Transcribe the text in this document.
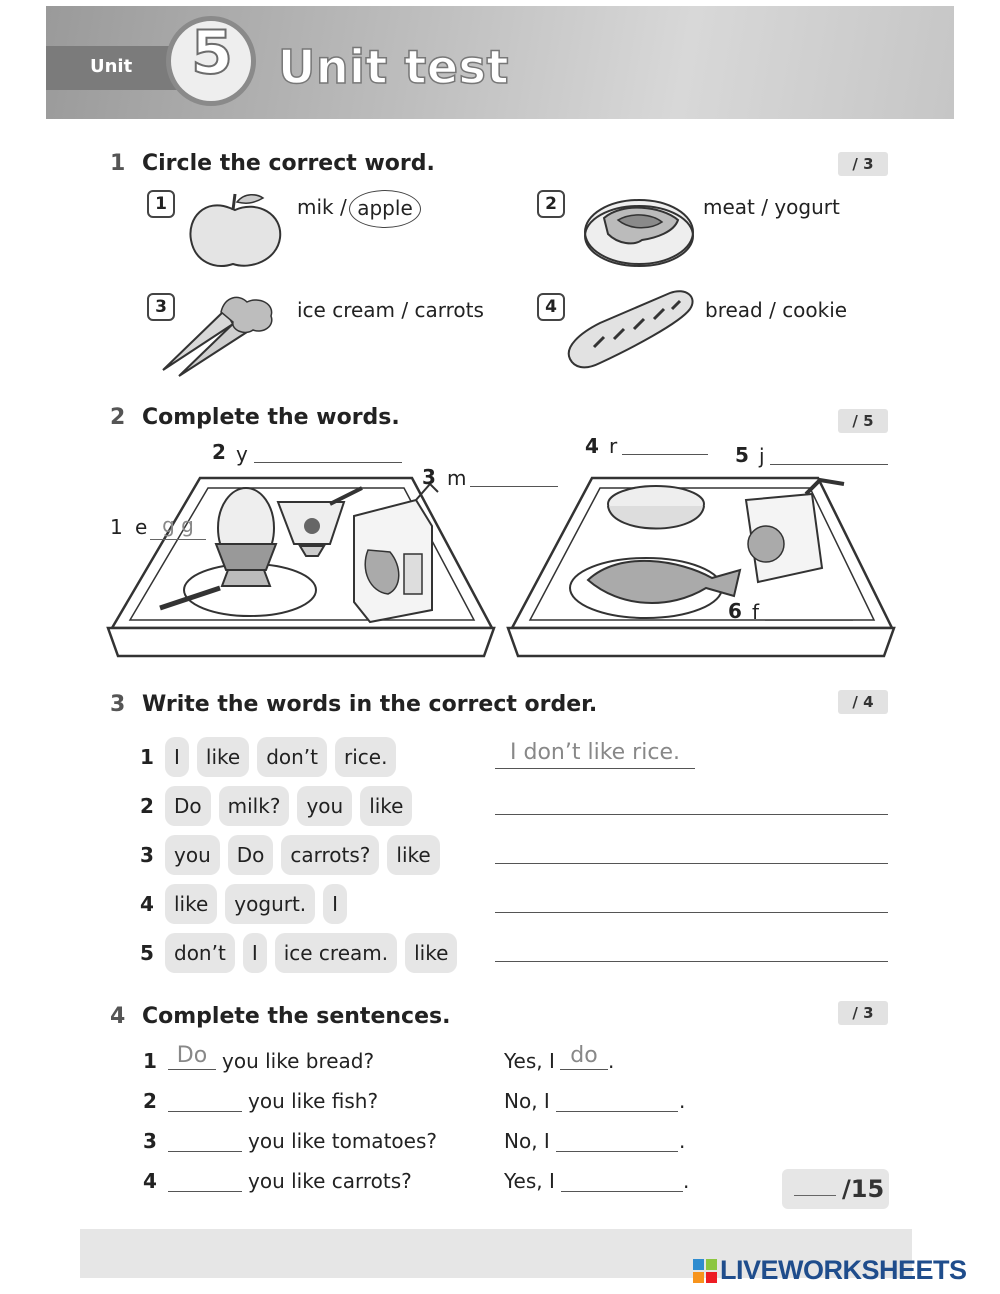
Unit 5 Unit test
1 Circle the correct word.	/ 3
1	mik / apple	2	meat / yogurt
3	ice cream / carrots	4	bread / cookie
2 Complete the words.	/ 5
1 e g g
2 y
3 m
4 r	5 j
6 f
3 Write the words in the correct order.	/ 4
1	I like don’t rice.	I don’t like rice.
2	Do milk? you like
3	you Do carrots? like
4	like yogurt. I
5	don’t I ice cream. like
4 Complete the sentences.	/ 3
1 Do you like bread?	Yes, I do .
2	you like fish?	No, I	.
3	you like tomatoes?	No, I	.
4	you like carrots?	Yes, I	.	/15
LIVEWORKSHEETS
